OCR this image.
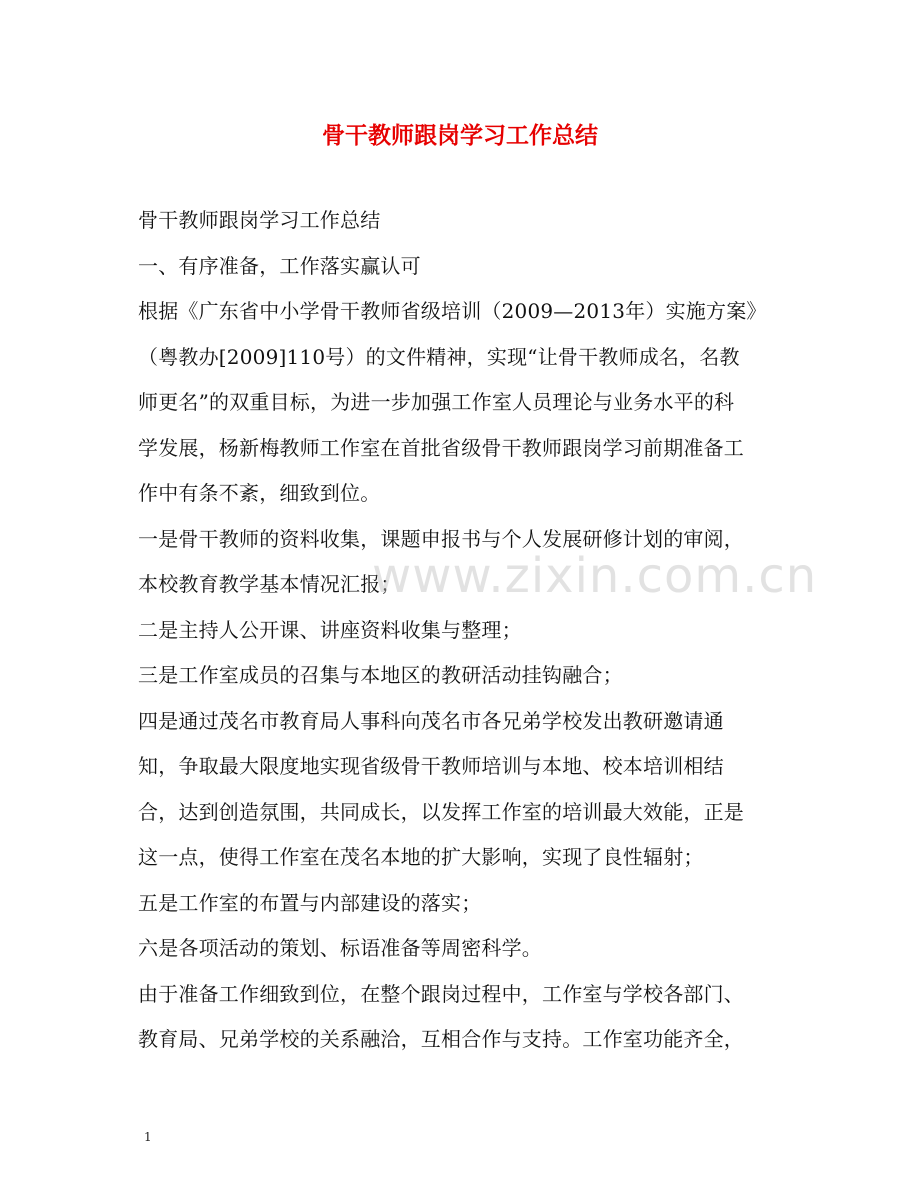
骨干教师跟岗学习工作总结
骨干教师跟岗学习工作总结
一、有序准备，工作落实赢认可
根据《广东省中小学骨干教师省级培训（2009—2013年）实施方案》
（粤教办[2009]110号）的文件精神，实现“让骨干教师成名，名教
师更名”的双重目标，为进一步加强工作室人员理论与业务水平的科
学发展，杨新梅教师工作室在首批省级骨干教师跟岗学习前期准备工
作中有条不紊，细致到位。
一是骨干教师的资料收集，课题申报书与个人发展研修计划的审阅，
本校教育教学基本情况汇报；
二是主持人公开课、讲座资料收集与整理；
三是工作室成员的召集与本地区的教研活动挂钩融合；
四是通过茂名市教育局人事科向茂名市各兄弟学校发出教研邀请通
知，争取最大限度地实现省级骨干教师培训与本地、校本培训相结
合，达到创造氛围，共同成长，以发挥工作室的培训最大效能，正是
这一点，使得工作室在茂名本地的扩大影响，实现了良性辐射；
五是工作室的布置与内部建设的落实；
六是各项活动的策划、标语准备等周密科学。
由于准备工作细致到位，在整个跟岗过程中，工作室与学校各部门、
教育局、兄弟学校的关系融洽，互相合作与支持。工作室功能齐全，
www.zixin.com.cn
1
